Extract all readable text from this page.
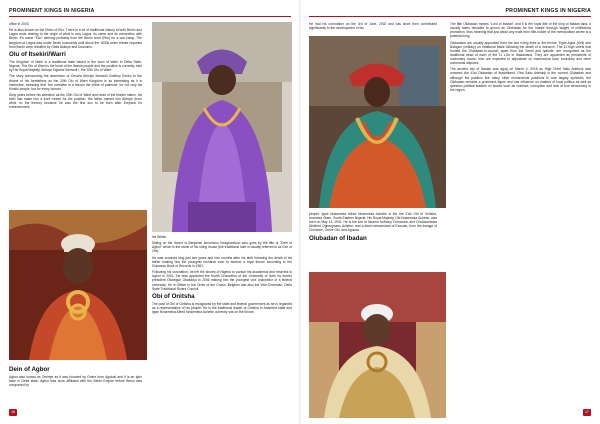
PROMINENT KINGS IN NIGERIA	PROMINENT KINGS IN NIGERIA

office in 2003.

He is also known as the Eleko of Eko. There is a lot of traditional history at both Benin and Lagos ends relating to the origin of what is now Lagos, its name and its connection with Benin. It's name "Eko" deriving probably from the Benin word (Eko) for a war camp. The kingdom of Lagos was under Benin suzerainty until about the 1830s when tribute requests from Benin were rebuffed by Obas Akitoye and Dosunmu.

Olu of Itsekiri/Warri

The Kingdom of Warri is a traditional state based in the town of Warri in Delta State, Nigeria. The Olu of Warri is the head of the Itsekiri people and the position is currently held by His Royal Majesty, Ablioye Ogiame Ikenwoli I, the 20th Olu of Warri.

The story surrounding the ascension of Omoba Abloiye Ikenwoli Godfrey Emiko to the throne of his forefathers as the 20th Olu of Warri Kingdom is as interesting as it is instructive, stressing that "the narrative is a lesson the virtue of patience, for not only his Kinstic people, but for every human."

Sixty years before his selection as the 20th Olu of Warri and head of the Itsekiri nation, his birth had made him a front runner for the position. His father named him Abloiye (born while on the throne) because he was the first son to be born after Erejuwa II's enthronement.

Dein of Agbor

Agbor also known as Omimje as it was founded by Omire from Agukoti and it is an Igbo town in Delta state. Agbor was once affiliated with the Benin Empire before Benin was conquered by

the British.

Sitting on the throne is Benjamin Ikenchuku Keagborekuzi who goes by the title of "Dein of Agbor" which is the name of his ruling house (the traditional ruler is usually referred to as Eze or Obi).

He was crowned king just two years and four months after his birth following the death of his father making him the youngest monarch ever to ascend a royal throne according to the Guinness Book of Records in 1981.

Following his coronation, he left the shores of Nigeria to pursue his academics and returned to Agbor in 2001. He was appointed the fourth Chancellor of the University of Ilorin by former president Olusegun Obasanjo in 2006 making him the youngest vice chancellor of a federal university. He is Officer in the Order of the Crown, Belgium and also the Vice-Chairman, Delta State Traditional Rulers Council.

Obi of Onitsha

The post of Obi of Onitsha is recognized by the state and federal government as he is regarded as a representative of his people. He is the traditional leader of Onitsha in Anambra state and Igwe Nnaemeka Alfred Nnaemeka Achebe currently sits on the throne.

He had his coronation on the 3rd of June, 2002 and has since then contributed significantly to the development of his

people. Igwe Nnaemeka Alfred Nnaemeka Achebe is the the 21st Obi of Onitsha, Anambra State, South Eastern Nigeria. His Royal Majesty, Obi Nnaemeka Achebe, was born on May 14, 1941. He is the son of Akunne Anthony Chinwuba, and Chukwuebuka Winifred Ogbenyeanu Achebe, and a direct descendant of Ezeoalu, from the lineage of Chimezie, Oreze Obi, and Aguusa.

Olubadan of Ibadan

The title Olubadan means "Lord of Ibadan" and it is the royal title of the king of Ibadan land, it usually takes decades to groom an Olubadan for the mantle through stages of chieftaincy promotion, thus meaning that just about any male born title-holder of the metropolitan centre is a potential king.

Olubadans are usually appointed from the two ruling lines to the throne, Egbe Agba (civil) and Balogun (military) on rotational basis following the death of a monarch. The 11 high chiefs that formed the Olubadan-in-council, apart from the Seriki and Iyalode, are recognised as the traditional head of each of the 11 LGs in Ibadanland. They are appointed as presidents of customary courts, who are expected to adjudicate on matrimonial land, boundary and other communal disputes.

The ancient city of Ibadan was agog on March 4, 2016 as High Chief Saliu Adetunji was crowned the 41st Olubadan of Ibadanland. Oba Saliu Adetunji is the current Olubadan and although the position like many other monarchical positions is now largely symbolic, the Olubadan remains a prominent figure and has influence on matters of local politics as well as question political leaders on issues such as violence, corruption and lack of true democracy in the region.

16	17
